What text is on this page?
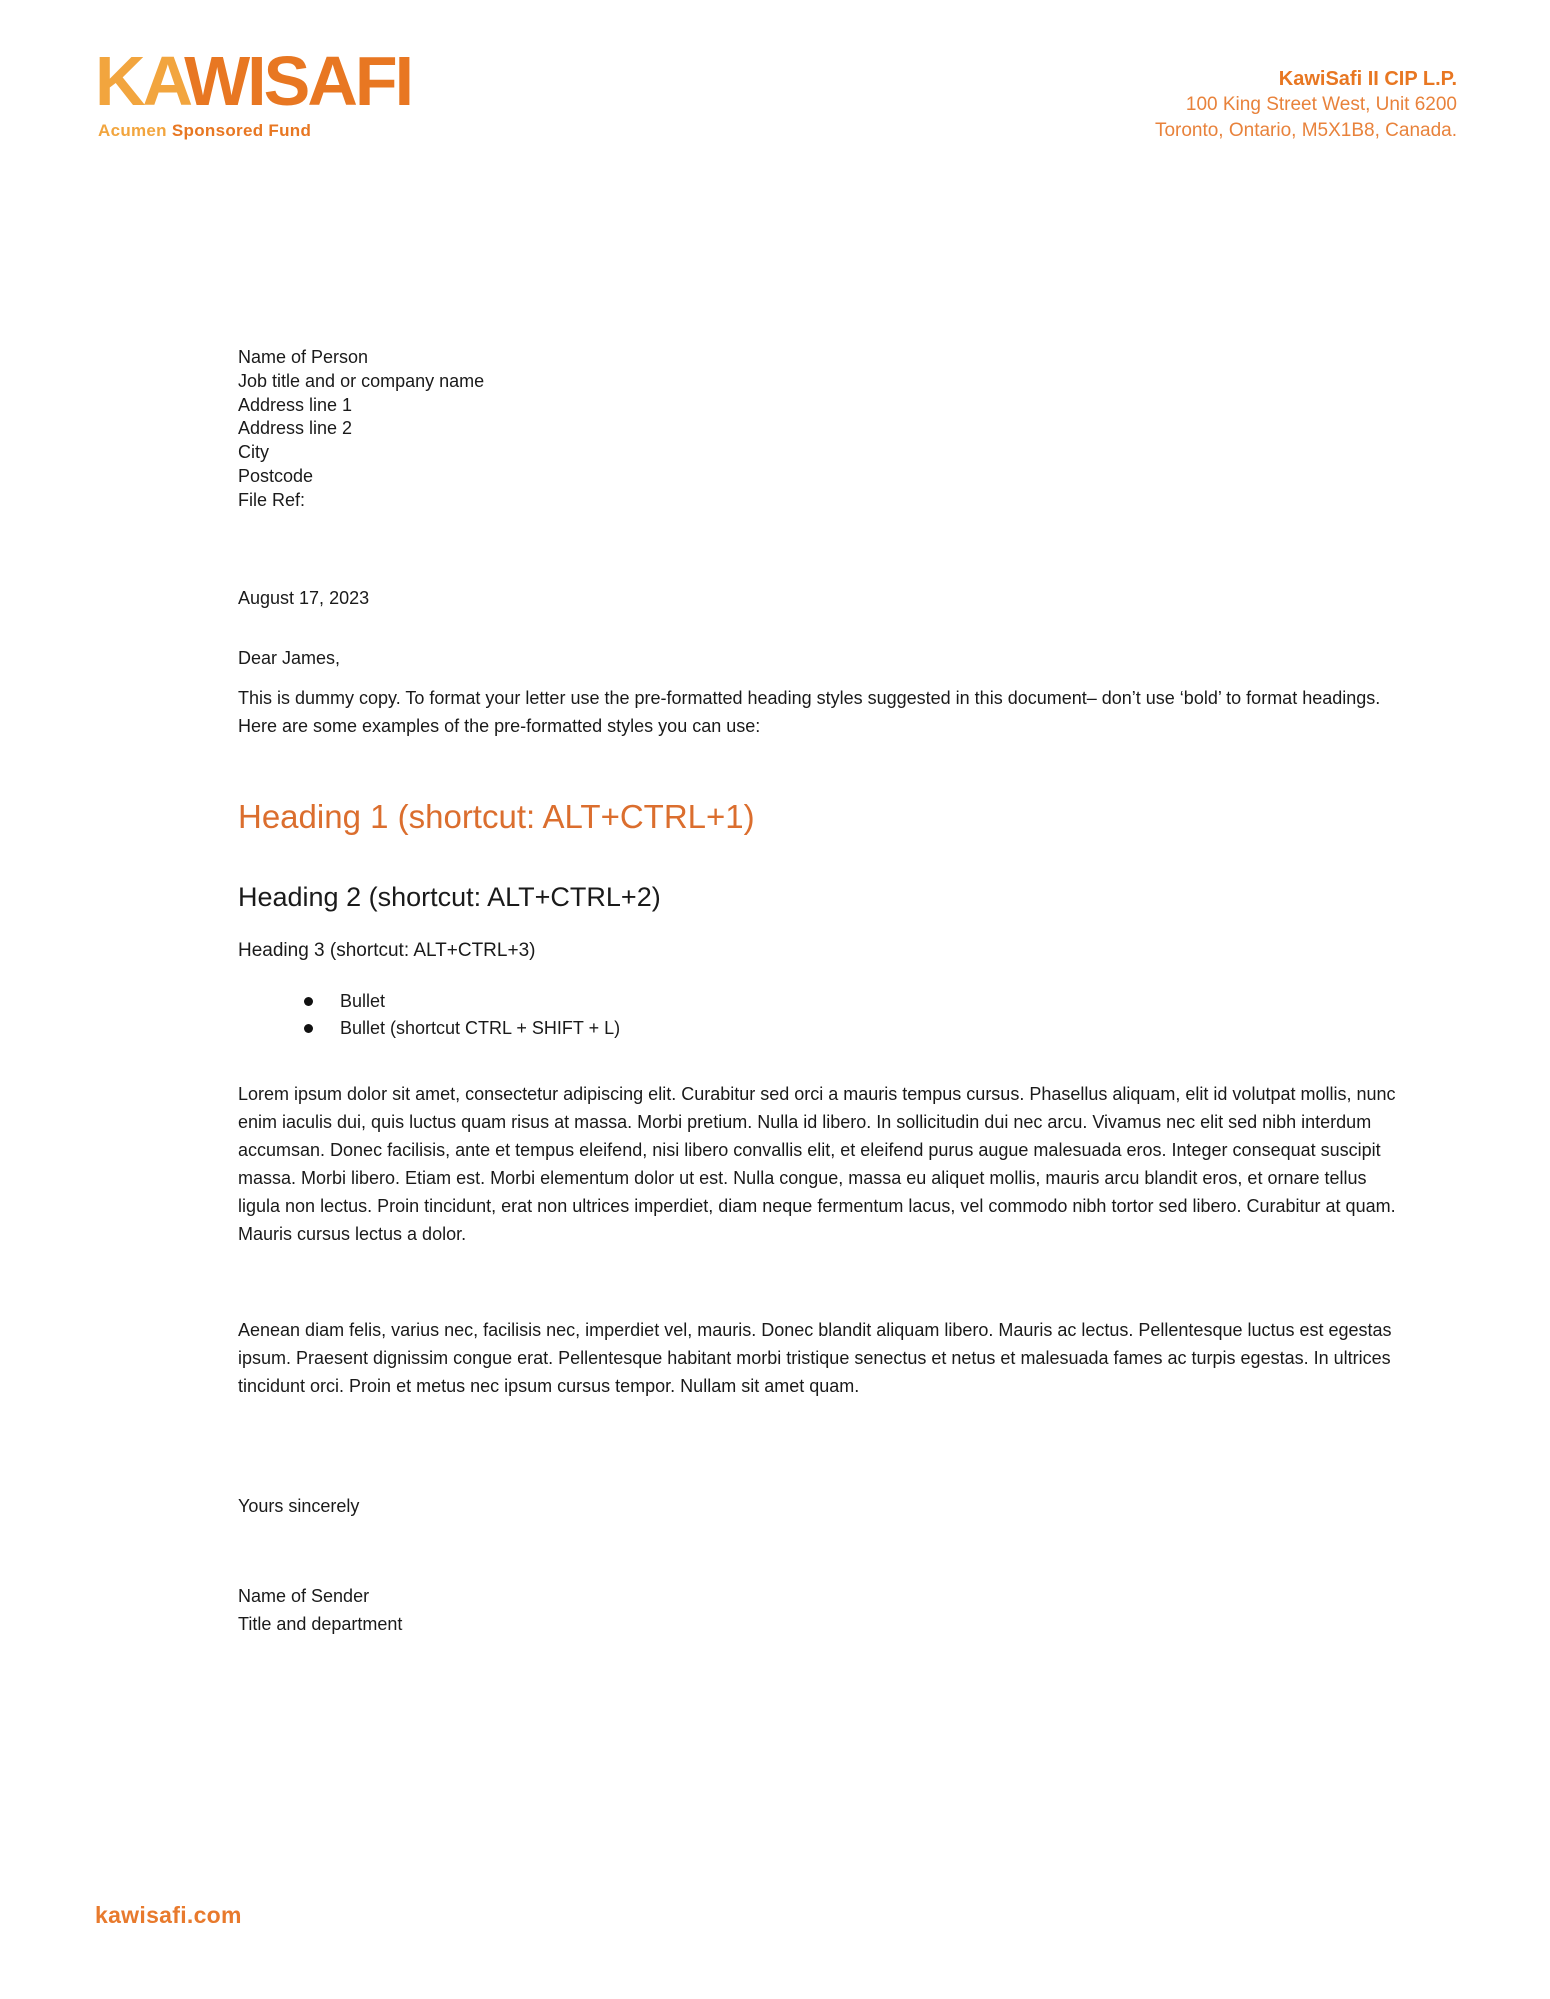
KAWISAFI
Acumen Sponsored Fund
KawiSafi II CIP L.P.
100 King Street West, Unit 6200
Toronto, Ontario, M5X1B8, Canada.
Name of Person
Job title and or company name
Address line 1
Address line 2
City
Postcode
File Ref:
August 17, 2023
Dear James,

This is dummy copy. To format your letter use the pre-formatted heading styles suggested in this document– don’t use ‘bold’ to format headings. Here are some examples of the pre-formatted styles you can use:

Heading 1 (shortcut: ALT+CTRL+1)
Heading 2 (shortcut: ALT+CTRL+2)
Heading 3 (shortcut: ALT+CTRL+3)
Bullet
Bullet (shortcut CTRL + SHIFT + L)

Lorem ipsum dolor sit amet, consectetur adipiscing elit. Curabitur sed orci a mauris tempus cursus. Phasellus aliquam, elit id volutpat mollis, nunc enim iaculis dui, quis luctus quam risus at massa. Morbi pretium. Nulla id libero. In sollicitudin dui nec arcu. Vivamus nec elit sed nibh interdum accumsan. Donec facilisis, ante et tempus eleifend, nisi libero convallis elit, et eleifend purus augue malesuada eros. Integer consequat suscipit massa. Morbi libero. Etiam est. Morbi elementum dolor ut est. Nulla congue, massa eu aliquet mollis, mauris arcu blandit eros, et ornare tellus ligula non lectus. Proin tincidunt, erat non ultrices imperdiet, diam neque fermentum lacus, vel commodo nibh tortor sed libero. Curabitur at quam. Mauris cursus lectus a dolor.

Aenean diam felis, varius nec, facilisis nec, imperdiet vel, mauris. Donec blandit aliquam libero. Mauris ac lectus. Pellentesque luctus est egestas ipsum. Praesent dignissim congue erat. Pellentesque habitant morbi tristique senectus et netus et malesuada fames ac turpis egestas. In ultrices tincidunt orci. Proin et metus nec ipsum cursus tempor. Nullam sit amet quam.

Yours sincerely
Name of Sender
Title and department
kawisafi.com
